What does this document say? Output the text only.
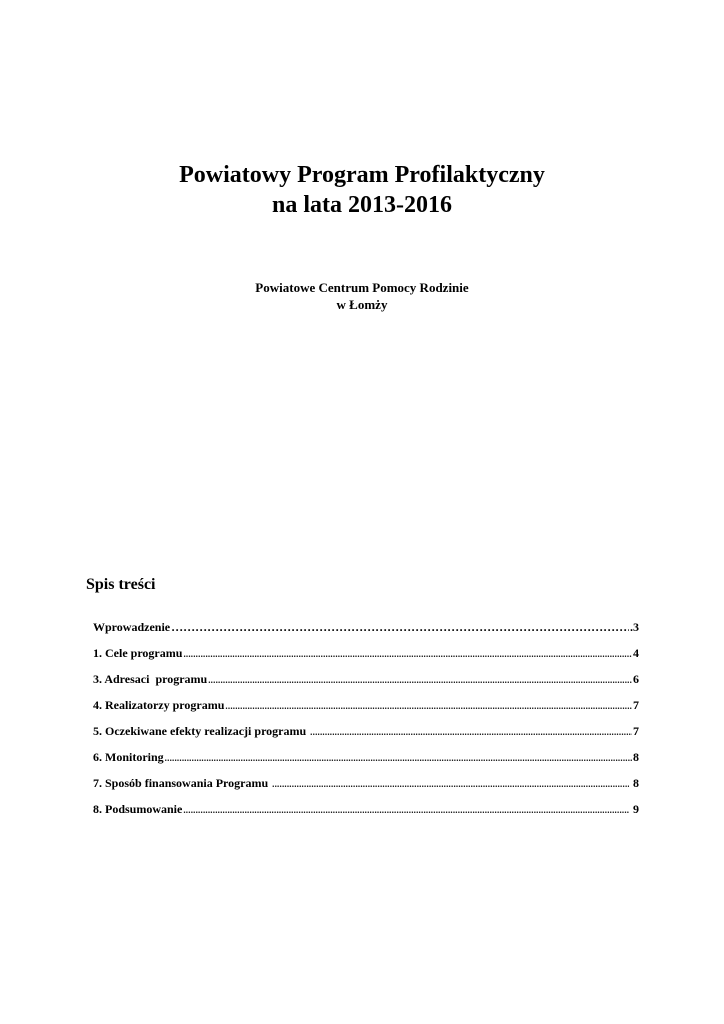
Powiatowy Program Profilaktyczny
na lata 2013-2016
Powiatowe Centrum Pomocy Rodzinie
w Łomży
Spis treści
Wprowadzenie ……………………………………………………………………………………………………………………………………………………………	.3
1. Cele programu .....	4
3. Adresaci  programu .....	6
4. Realizatorzy programu .....	7
5. Oczekiwane efekty realizacji programu .....	7
6. Monitoring .....	8
7. Sposób finansowania Programu .....	8
8. Podsumowanie .....	9
